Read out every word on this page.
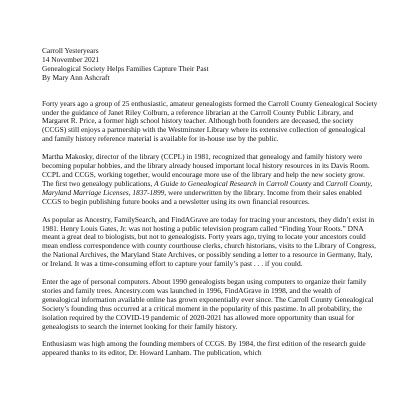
Carroll Yesteryears
14 November 2021
Genealogical Society Helps Families Capture Their Past
By Mary Ann Ashcraft

Forty years ago a group of 25 enthusiastic, amateur genealogists formed the Carroll County Genealogical Society under the guidance of Janet Riley Colburn, a reference librarian at the Carroll County Public Library, and Margaret R. Price, a former high school history teacher. Although both founders are deceased, the society (CCGS) still enjoys a partnership with the Westminster Library where its extensive collection of genealogical and family history reference material is available for in-house use by the public.

Martha Makosky, director of the library (CCPL) in 1981, recognized that genealogy and family history were becoming popular hobbies, and the library already housed important local history resources in its Davis Room. CCPL and CCGS, working together, would encourage more use of the library and help the new society grow. The first two genealogy publications, A Guide to Genealogical Research in Carroll County and Carroll County, Maryland Marriage Licenses, 1837-1899, were underwritten by the library. Income from their sales enabled CCGS to begin publishing future books and a newsletter using its own financial resources.

As popular as Ancestry, FamilySearch, and FindAGrave are today for tracing your ancestors, they didn’t exist in 1981. Henry Louis Gates, Jr. was not hosting a public television program called “Finding Your Roots.” DNA meant a great deal to biologists, but not to genealogists. Forty years ago, trying to locate your ancestors could mean endless correspondence with county courthouse clerks, church historians, visits to the Library of Congress, the National Archives, the Maryland State Archives, or possibly sending a letter to a resource in Germany, Italy, or Ireland. It was a time-consuming effort to capture your family’s past . . . if you could.

Enter the age of personal computers. About 1990 genealogists began using computers to organize their family stories and family trees. Ancestry.com was launched in 1996, FindAGrave in 1998, and the wealth of genealogical information available online has grown exponentially ever since. The Carroll County Genealogical Society’s founding thus occurred at a critical moment in the popularity of this pastime. In all probability, the isolation required by the COVID-19 pandemic of 2020-2021 has allowed more opportunity than usual for genealogists to search the internet looking for their family history.

Enthusiasm was high among the founding members of CCGS. By 1984, the first edition of the research guide appeared thanks to its editor, Dr. Howard Lanham. The publication, which
